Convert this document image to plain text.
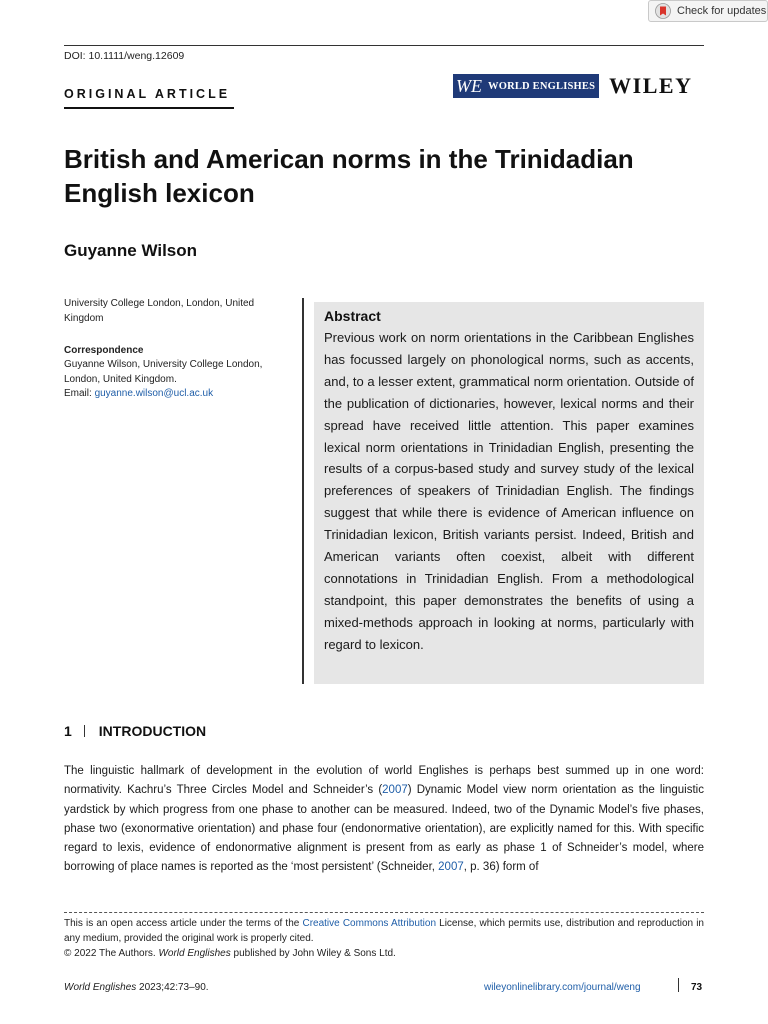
Check for updates
DOI: 10.1111/weng.12609
ORIGINAL ARTICLE	WE WORLD ENGLISHES WILEY
British and American norms in the Trinidadian English lexicon
Guyanne Wilson
University College London, London, United Kingdom
Correspondence
Guyanne Wilson, University College London, London, United Kingdom.
Email: guyanne.wilson@ucl.ac.uk
Abstract

Previous work on norm orientations in the Caribbean Englishes has focussed largely on phonological norms, such as accents, and, to a lesser extent, grammatical norm orientation. Outside of the publication of dictionaries, however, lexical norms and their spread have received little attention. This paper examines lexical norm orientations in Trinidadian English, presenting the results of a corpus-based study and survey study of the lexical preferences of speakers of Trinidadian English. The findings suggest that while there is evidence of American influence on Trinidadian lexicon, British variants persist. Indeed, British and American variants often coexist, albeit with different connotations in Trinidadian English. From a methodological standpoint, this paper demonstrates the benefits of using a mixed-methods approach in looking at norms, particularly with regard to lexicon.

1 INTRODUCTION

The linguistic hallmark of development in the evolution of world Englishes is perhaps best summed up in one word: normativity. Kachru’s Three Circles Model and Schneider’s (2007) Dynamic Model view norm orientation as the linguistic yardstick by which progress from one phase to another can be measured. Indeed, two of the Dynamic Model’s five phases, phase two (exonormative orientation) and phase four (endonormative orientation), are explicitly named for this. With specific regard to lexis, evidence of endonormative alignment is present from as early as phase 1 of Schneider’s model, where borrowing of place names is reported as the ‘most persistent’ (Schneider, 2007, p. 36) form of

This is an open access article under the terms of the Creative Commons Attribution License, which permits use, distribution and reproduction in any medium, provided the original work is properly cited.

© 2022 The Authors. World Englishes published by John Wiley & Sons Ltd.

World Englishes 2023;42:73–90.	wileyonlinelibrary.com/journal/weng	73
